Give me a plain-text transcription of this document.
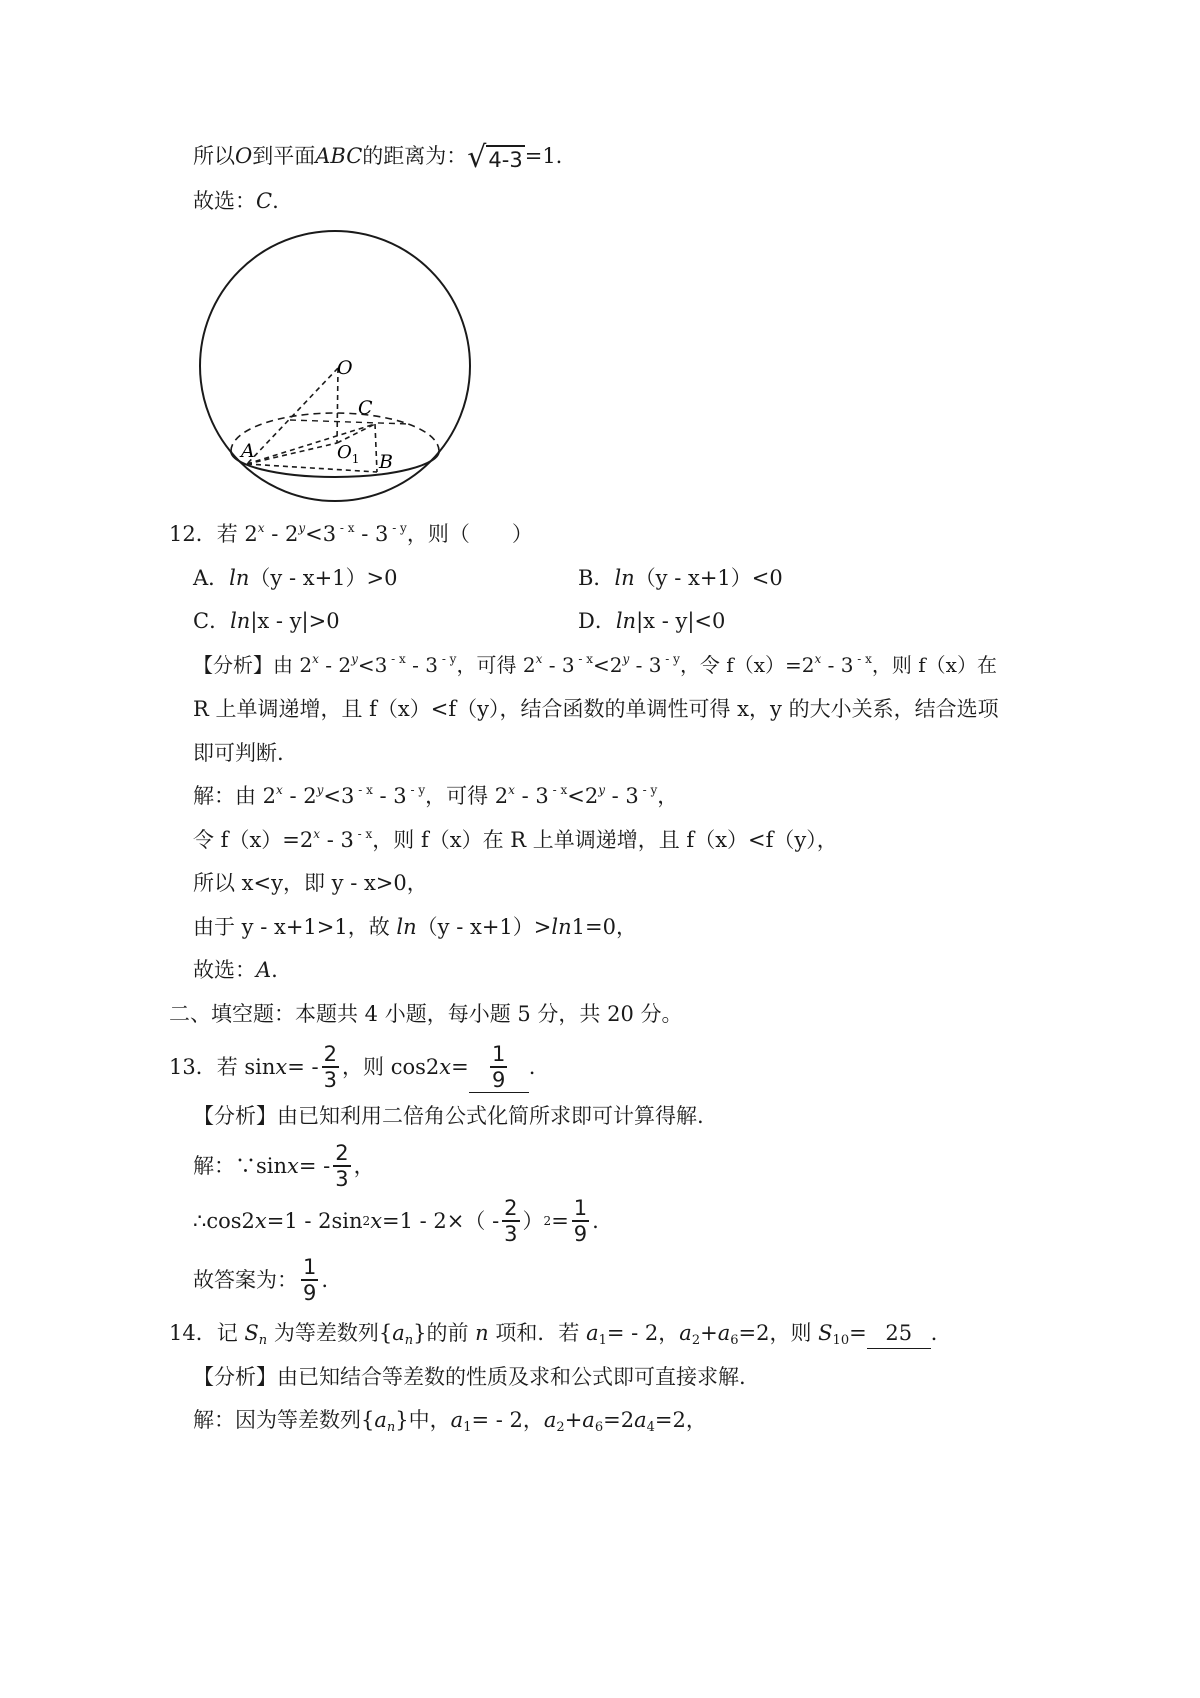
所以O到平面ABC的距离为： √ 4-3 =1.
故选：C.
O
C
A	$O_1$ B
12．若 $2^x - 2^y<3$ $^{- x}$ - 3 $^{- y}$，则（　　）
A．ln（y - x+1）>0	B．ln（y - x+1）<0
C．ln|x - y|>0	D．ln|x - y|<0
【分析】由 $2^x - 2^y<3$ $^{- x}$ - 3 $^{- y}$，可得 2$^x$ - 3 $^{- x}<2^y - 3$ $^{- y}$，令 $f(x)=2^x - 3$ $^{- x}$，则 f（x）在
R 上单调递增，且 f（x）<f（y），结合函数的单调性可得 x，y 的大小关系，结合选项
即可判断.
解：由 $2^x - 2^y<3$ $^{- x}$ - 3 $^{- y}$，可得 2$^x$ - 3 $^{- x}<2^y - 3$ $^{- y}$，
令 $f(x)=2^x - 3$ $^{- x}$，则 f（x）在 R 上单调递增，且 f（x）<f（y），
所以 x<y，即 y - x>0，
由于 y - x+1>1，故 ln（y - x+1）>ln1=0，
故选：A.
二、填空题：本题共 4 小题，每小题 5 分，共 20 分。
13．若 sin x = - $\frac{2}{3}$ ，则 cos2 $x = \frac{1}{9}$ .
【分析】由已知利用二倍角公式化简所求即可计算得解.
解：∵sin x = - $\frac{2}{3}$ ，
∴cos2 x =1 - 2sin 2 $x =1 - 2\times( - \frac{2}{3}$ ） $2 = \frac{1}{9}$ .
故答案为： $\frac{1}{9}$ .
14．记 $S_n$ 为等差数列$\{a_n\}$的前 n 项和．若 $a_1= - 2$，$a_2+a_6=2$，则 $S_{10}= 25$ ．
【分析】由已知结合等差数的性质及求和公式即可直接求解.
解：因为等差数列$\{a_n\}$中，$a_1= - 2$，$a_2+a_6=2a_4=2$，
